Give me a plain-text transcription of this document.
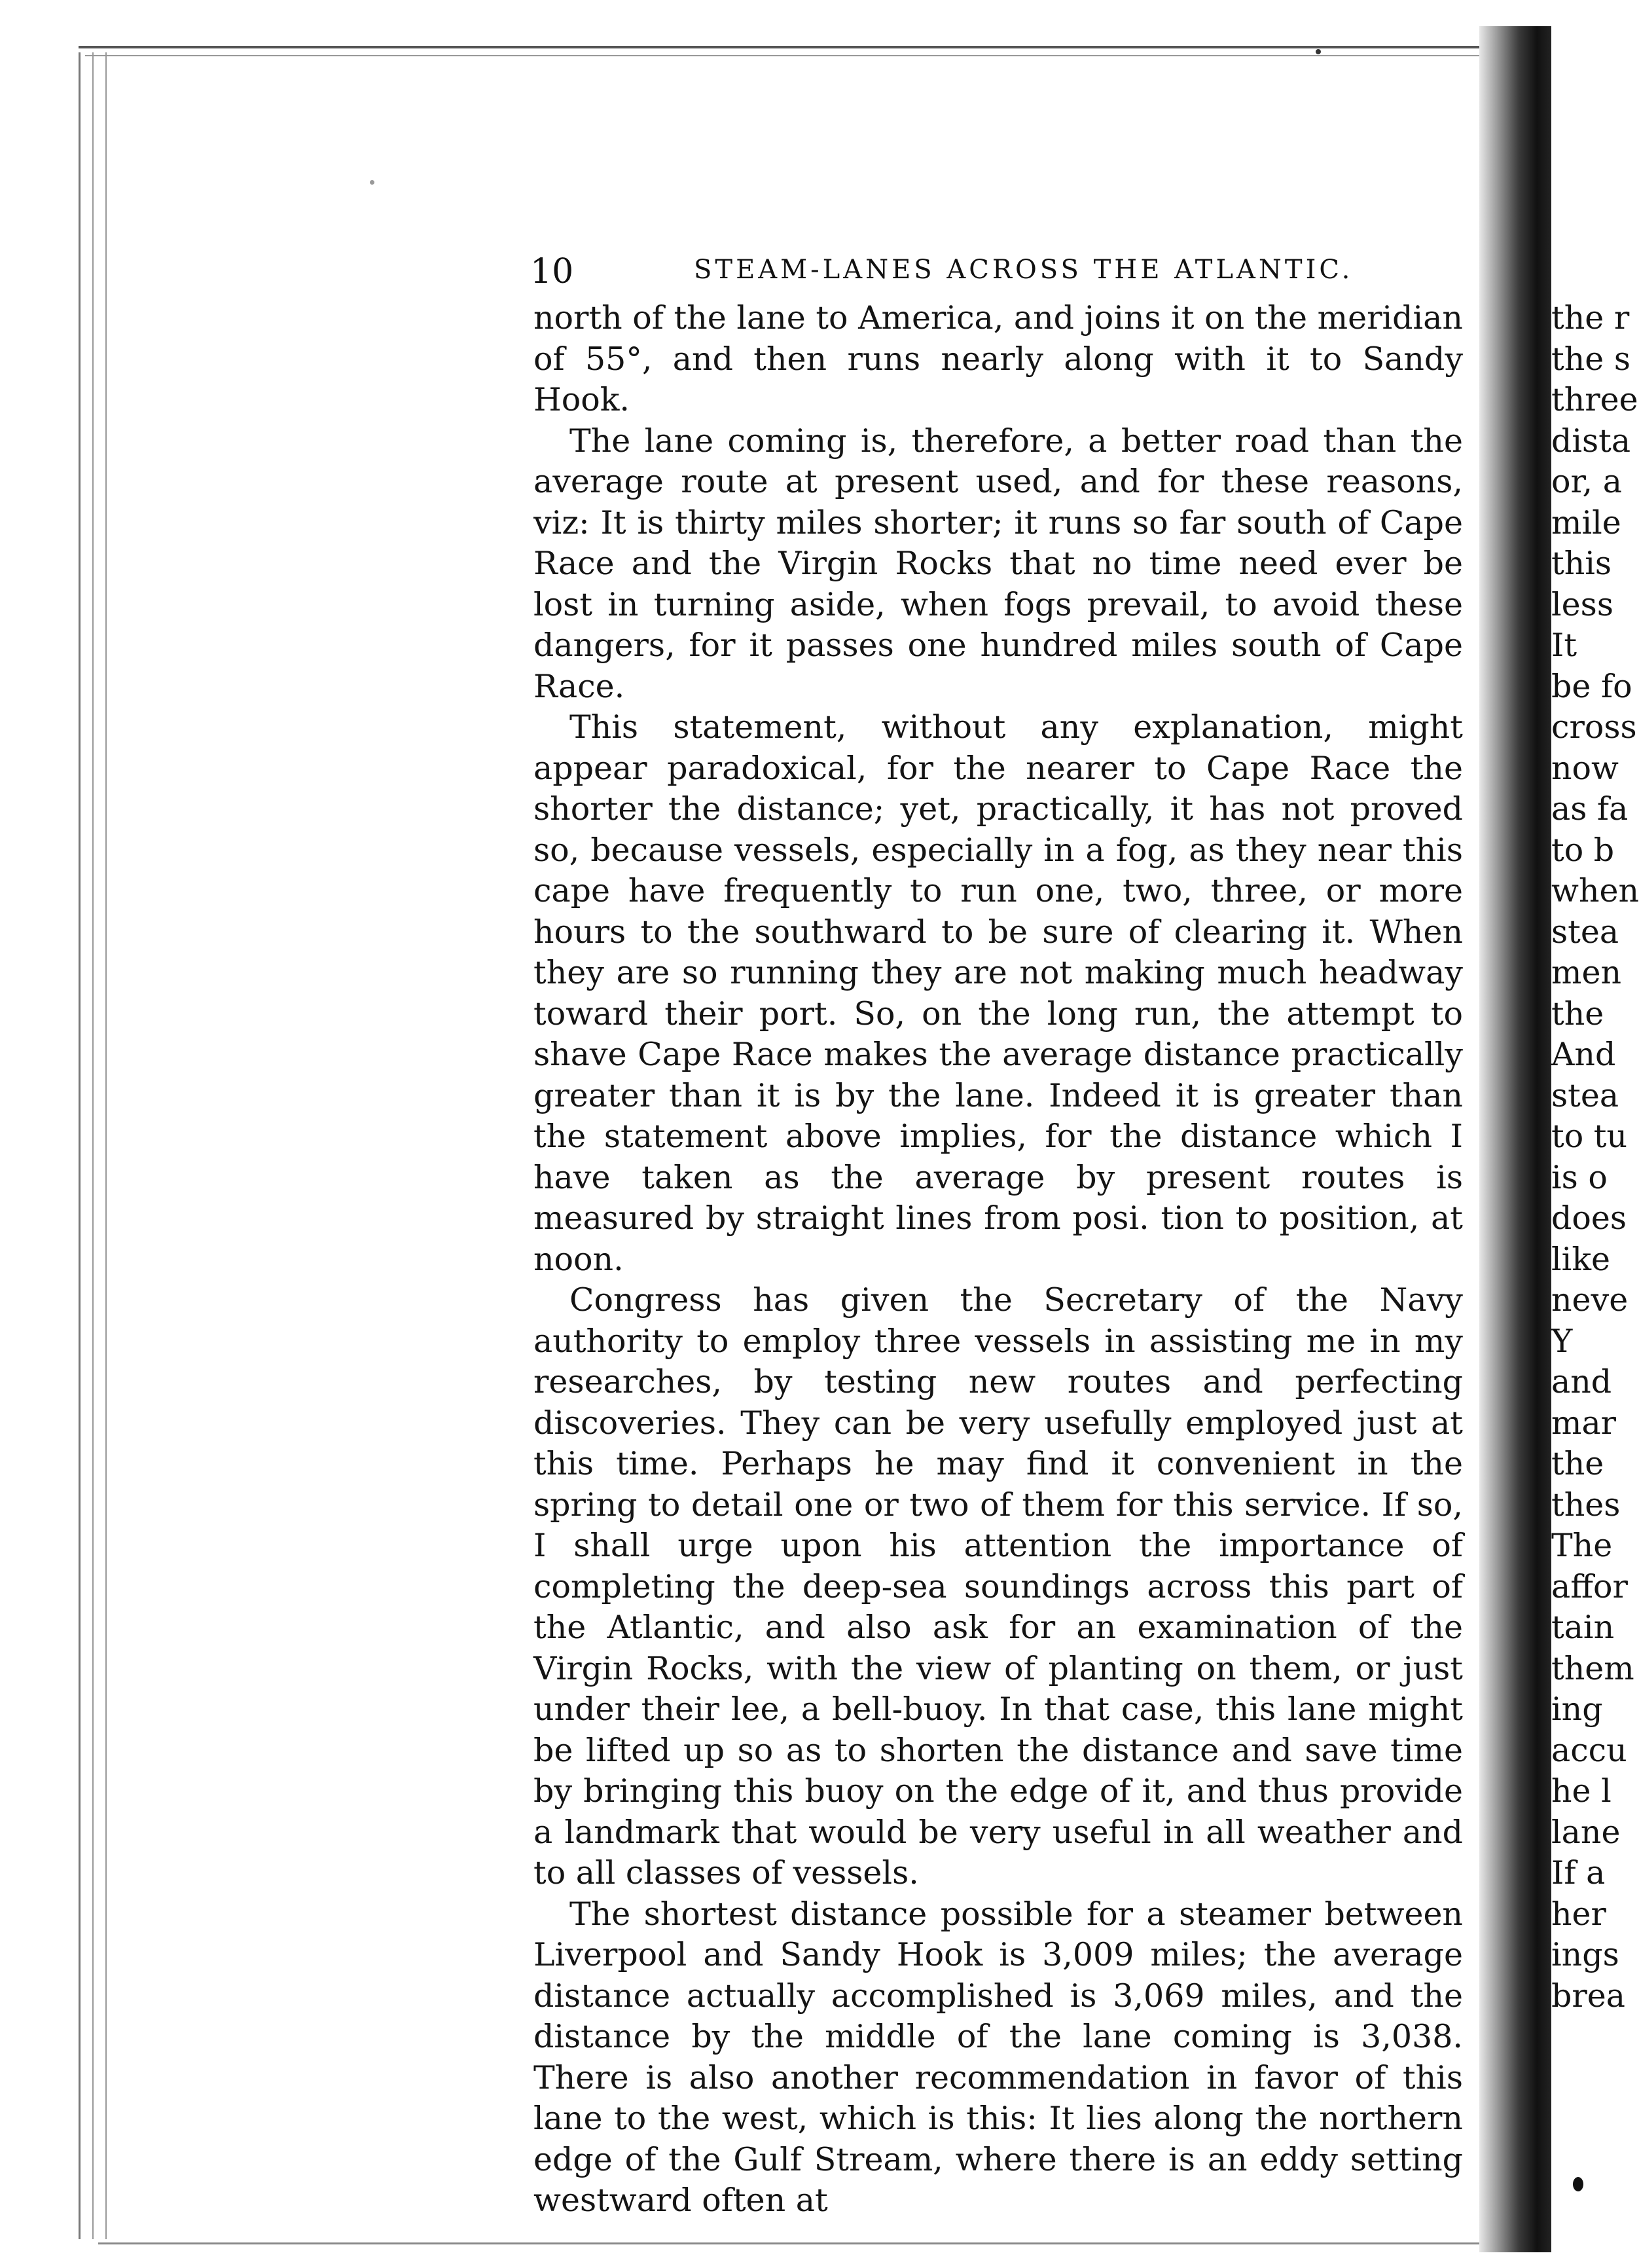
10	STEAM-LANES ACROSS THE ATLANTIC.

north of the lane to America, and joins it on the meridian of 55°, and then runs nearly along with it to Sandy Hook.

The lane coming is, therefore, a better road than the average route at present used, and for these reasons, viz: It is thirty miles shorter; it runs so far south of Cape Race and the Virgin Rocks that no time need ever be lost in turning aside, when fogs prevail, to avoid these dangers, for it passes one hundred miles south of Cape Race.

This statement, without any explanation, might appear paradoxical, for the nearer to Cape Race the shorter the distance; yet, practically, it has not proved so, because vessels, especially in a fog, as they near this cape have frequently to run one, two, three, or more hours to the southward to be sure of clearing it. When they are so running they are not making much headway toward their port. So, on the long run, the attempt to shave Cape Race makes the average distance practically greater than it is by the lane. Indeed it is greater than the statement above implies, for the distance which I have taken as the average by present routes is measured by straight lines from posi. tion to position, at noon.

Congress has given the Secretary of the Navy authority to employ three vessels in assisting me in my researches, by testing new routes and perfecting discoveries. They can be very usefully employed just at this time. Perhaps he may find it convenient in the spring to detail one or two of them for this service. If so, I shall urge upon his attention the importance of completing the deep-sea soundings across this part of the Atlantic, and also ask for an examination of the Virgin Rocks, with the view of planting on them, or just under their lee, a bell-buoy. In that case, this lane might be lifted up so as to shorten the distance and save time by bringing this buoy on the edge of it, and thus provide a landmark that would be very useful in all weather and to all classes of vessels.

The shortest distance possible for a steamer between Liverpool and Sandy Hook is 3,009 miles; the average distance actually accomplished is 3,069 miles, and the distance by the middle of the lane coming is 3,038. There is also another recommendation in favor of this lane to the west, which is this: It lies along the northern edge of the Gulf Stream, where there is an eddy setting westward often at

the r
the s
three
dista
or, a
mile
this
less
It
be fo
cross
now
as fa
to b
when
stea
men
the
And
stea
to tu
is o
does
like
neve
Y
and
mar
the
thes
The
affor
tain
them
ing
accu
he l
lane
If a
her
ings
brea
